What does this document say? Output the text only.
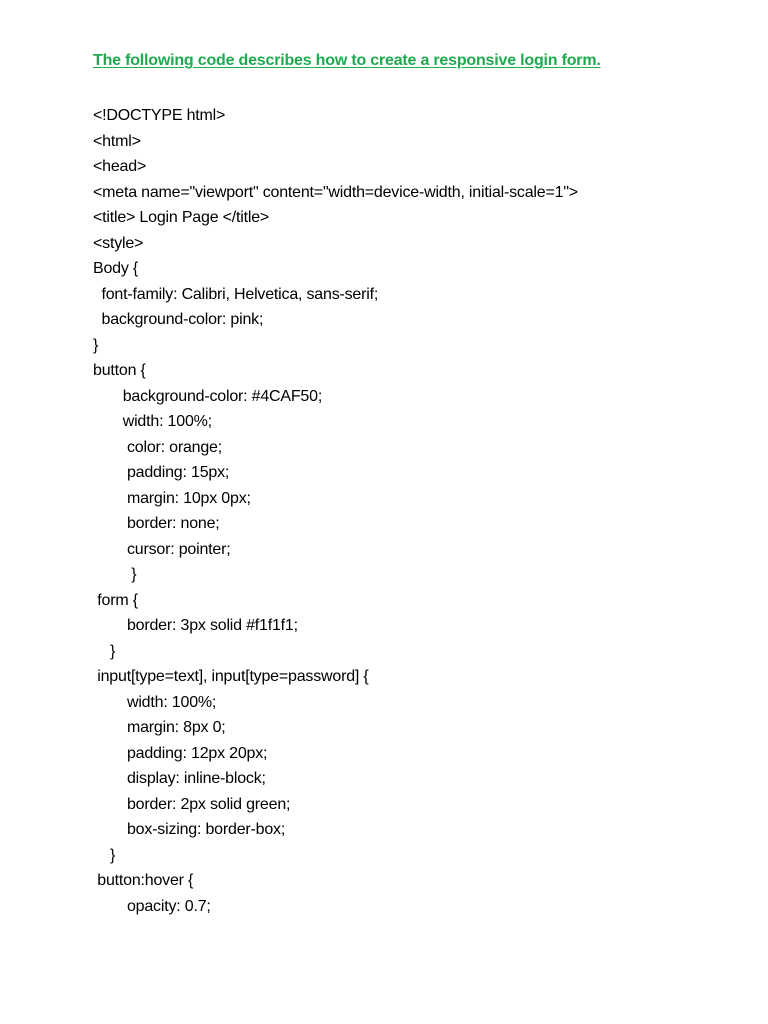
The following code describes how to create a responsive login form.
<!DOCTYPE html>
<html>
<head>
<meta name="viewport" content="width=device-width, initial-scale=1">
<title> Login Page </title>
<style>
Body {
font-family: Calibri, Helvetica, sans-serif;
background-color: pink;
}
button {
background-color: #4CAF50;
width: 100%;
color: orange;
padding: 15px;
margin: 10px 0px;
border: none;
cursor: pointer;
}
form {
border: 3px solid #f1f1f1;
}
input[type=text], input[type=password] {
width: 100%;
margin: 8px 0;
padding: 12px 20px;
display: inline-block;
border: 2px solid green;
box-sizing: border-box;
}
button:hover {
opacity: 0.7;
